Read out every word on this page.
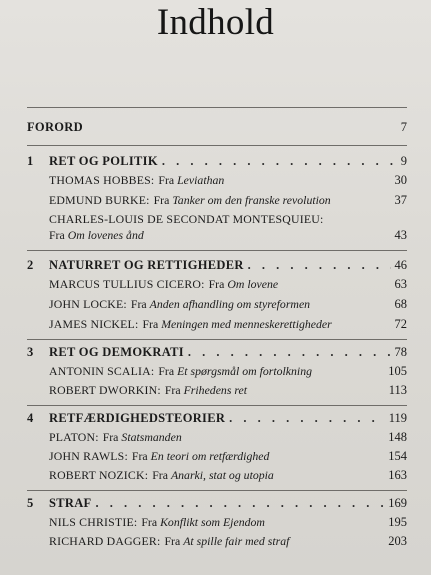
Indhold
FORORD	7
1	RET OG POLITIK . . .	9
THOMAS HOBBES: Fra Leviathan	30
EDMUND BURKE: Fra Tanker om den franske revolution	37
CHARLES-LOUIS DE SECONDAT MONTESQUIEU:
Fra Om lovenes ånd	43
2	NATURRET OG RETTIGHEDER . . .	46
MARCUS TULLIUS CICERO: Fra Om lovene	63
JOHN LOCKE: Fra Anden afhandling om styreformen	68
JAMES NICKEL: Fra Meningen med menneskerettigheder	72
3	RET OG DEMOKRATI . . .	78
ANTONIN SCALIA: Fra Et spørgsmål om fortolkning	105
ROBERT DWORKIN: Fra Frihedens ret	113
4	RETFÆRDIGHEDSTEORIER . . .	119
PLATON: Fra Statsmanden	148
JOHN RAWLS: Fra En teori om retfærdighed	154
ROBERT NOZICK: Fra Anarki, stat og utopia	163
5	STRAF . . .	169
NILS CHRISTIE: Fra Konflikt som Ejendom	195
RICHARD DAGGER: Fra At spille fair med straf	203
